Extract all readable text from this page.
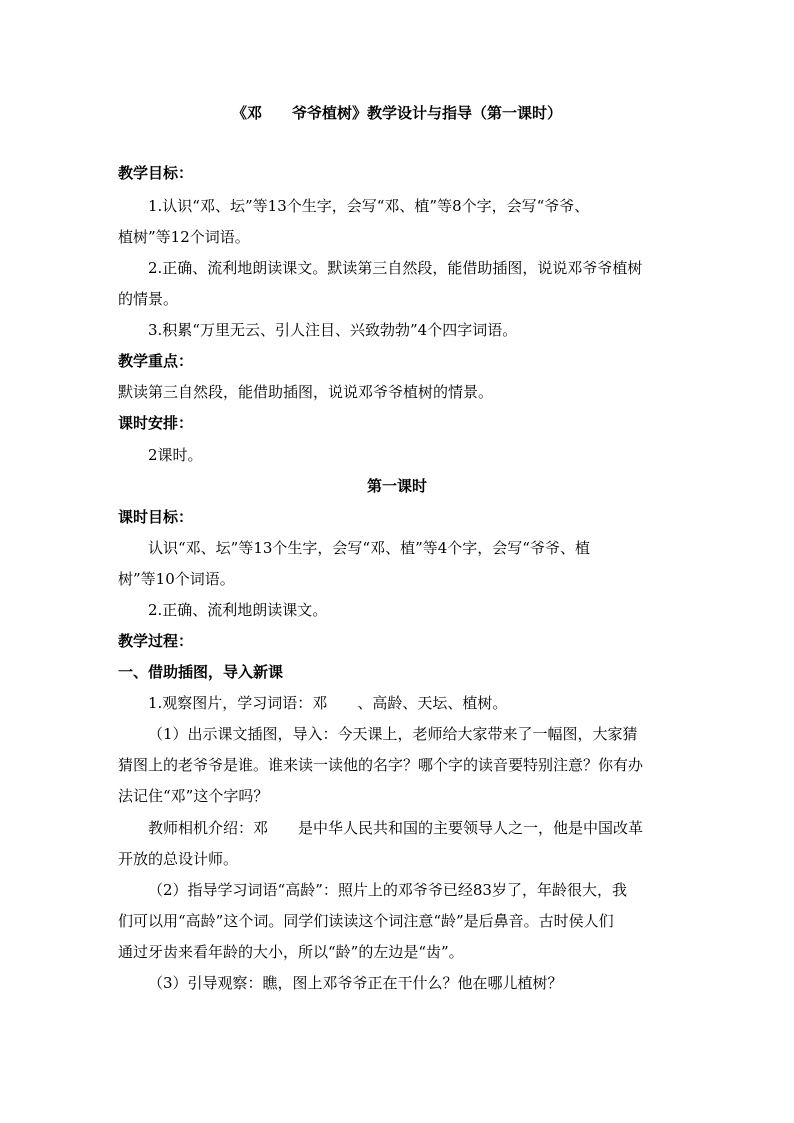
《邓　　爷爷植树》教学设计与指导（第一课时）
教学目标：
1.认识“邓、坛”等13个生字，会写“邓、植”等8个字，会写“爷爷、
植树”等12个词语。
2.正确、流利地朗读课文。默读第三自然段，能借助插图，说说邓爷爷植树
的情景。
3.积累“万里无云、引人注目、兴致勃勃”4个四字词语。
教学重点：
默读第三自然段，能借助插图，说说邓爷爷植树的情景。
课时安排：
2课时。
第一课时
课时目标：
认识“邓、坛”等13个生字，会写“邓、植”等4个字，会写“爷爷、植
树”等10个词语。
2.正确、流利地朗读课文。
教学过程：
一、借助插图，导入新课
1.观察图片，学习词语：邓　　、高龄、天坛、植树。
（1）出示课文插图，导入：今天课上，老师给大家带来了一幅图，大家猜
猜图上的老爷爷是谁。谁来读一读他的名字？哪个字的读音要特别注意？你有办
法记住“邓”这个字吗？
教师相机介绍：邓　　是中华人民共和国的主要领导人之一，他是中国改革
开放的总设计师。
（2）指导学习词语“高龄”：照片上的邓爷爷已经83岁了，年龄很大，我
们可以用“高龄”这个词。同学们读读这个词注意“龄”是后鼻音。古时侯人们
通过牙齿来看年龄的大小，所以“龄”的左边是“齿”。
（3）引导观察：瞧，图上邓爷爷正在干什么？他在哪儿植树？
